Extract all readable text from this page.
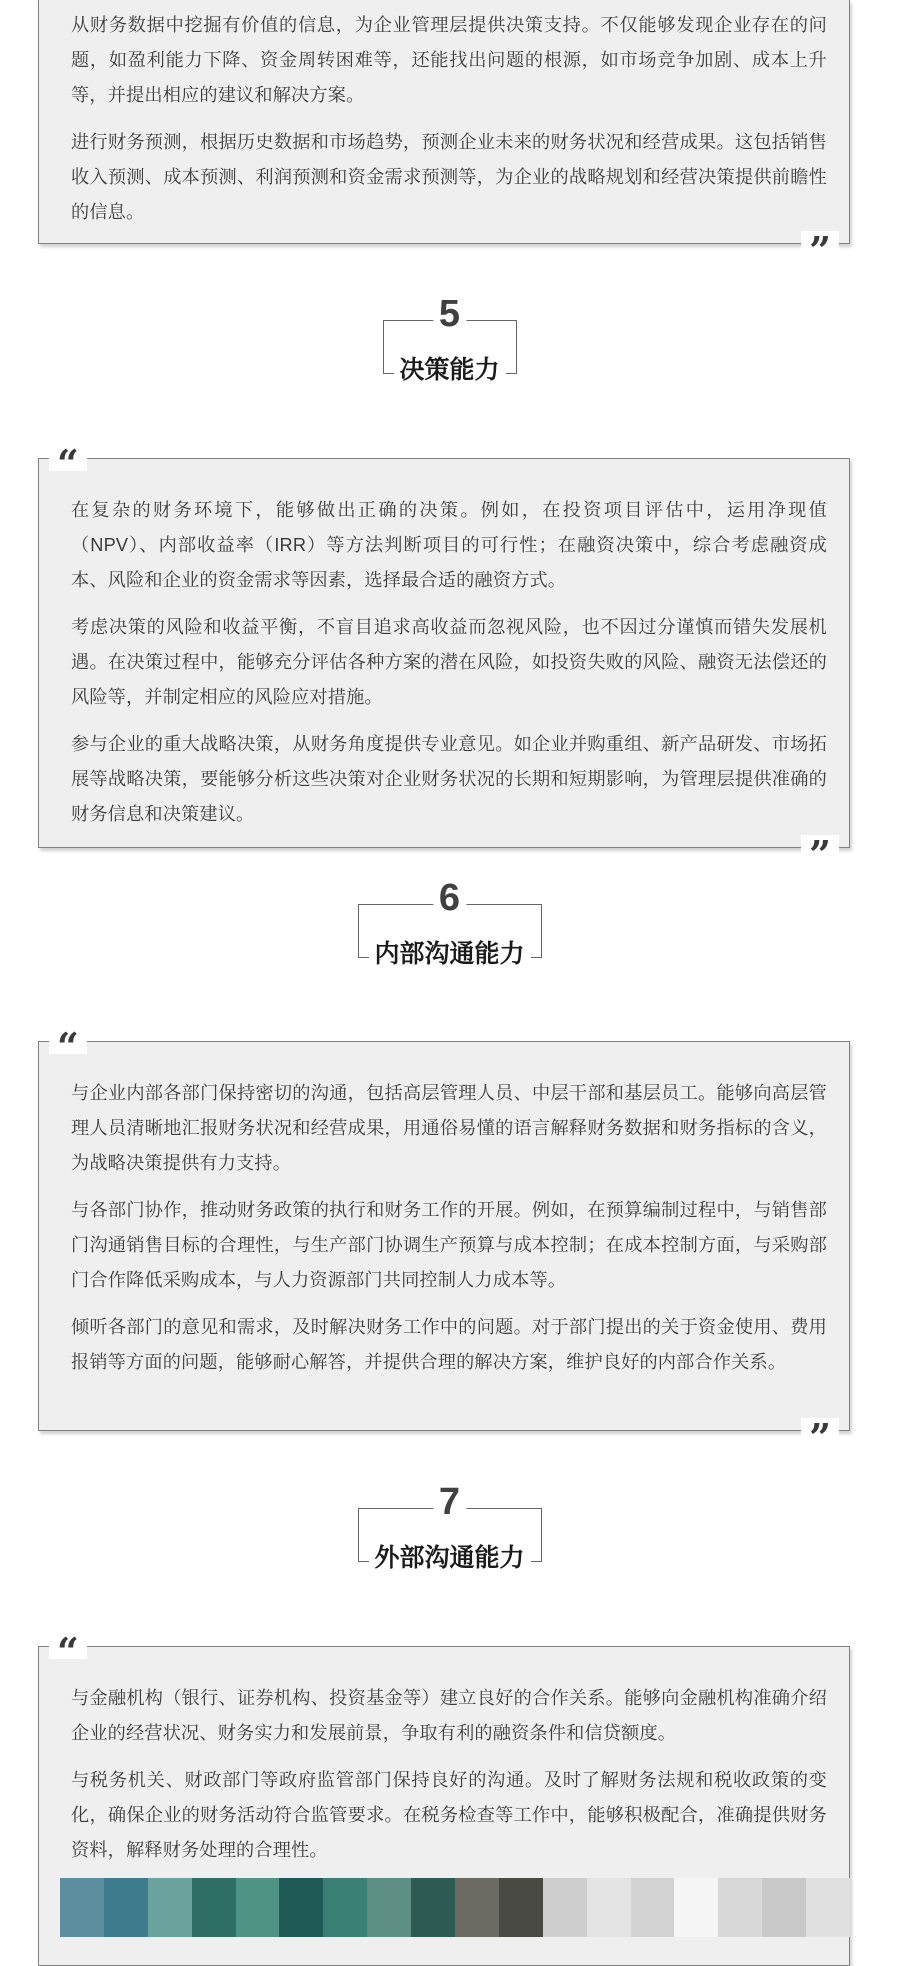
从财务数据中挖掘有价值的信息，为企业管理层提供决策支持。不仅能够发现企业存在的问题，如盈利能力下降、资金周转困难等，还能找出问题的根源，如市场竞争加剧、成本上升等，并提出相应的建议和解决方案。

进行财务预测，根据历史数据和市场趋势，预测企业未来的财务状况和经营成果。这包括销售收入预测、成本预测、利润预测和资金需求预测等，为企业的战略规划和经营决策提供前瞻性的信息。

”
5
决策能力
“

在复杂的财务环境下，能够做出正确的决策。例如，在投资项目评估中，运用净现值（NPV）、内部收益率（IRR）等方法判断项目的可行性；在融资决策中，综合考虑融资成本、风险和企业的资金需求等因素，选择最合适的融资方式。

考虑决策的风险和收益平衡，不盲目追求高收益而忽视风险，也不因过分谨慎而错失发展机遇。在决策过程中，能够充分评估各种方案的潜在风险，如投资失败的风险、融资无法偿还的风险等，并制定相应的风险应对措施。

参与企业的重大战略决策，从财务角度提供专业意见。如企业并购重组、新产品研发、市场拓展等战略决策，要能够分析这些决策对企业财务状况的长期和短期影响，为管理层提供准确的财务信息和决策建议。

”
6
内部沟通能力
“

与企业内部各部门保持密切的沟通，包括高层管理人员、中层干部和基层员工。能够向高层管理人员清晰地汇报财务状况和经营成果，用通俗易懂的语言解释财务数据和财务指标的含义，为战略决策提供有力支持。

与各部门协作，推动财务政策的执行和财务工作的开展。例如，在预算编制过程中，与销售部门沟通销售目标的合理性，与生产部门协调生产预算与成本控制；在成本控制方面，与采购部门合作降低采购成本，与人力资源部门共同控制人力成本等。

倾听各部门的意见和需求，及时解决财务工作中的问题。对于部门提出的关于资金使用、费用报销等方面的问题，能够耐心解答，并提供合理的解决方案，维护良好的内部合作关系。

”
7
外部沟通能力
“

与金融机构（银行、证券机构、投资基金等）建立良好的合作关系。能够向金融机构准确介绍企业的经营状况、财务实力和发展前景，争取有利的融资条件和信贷额度。

与税务机关、财政部门等政府监管部门保持良好的沟通。及时了解财务法规和税收政策的变化，确保企业的财务活动符合监管要求。在税务检查等工作中，能够积极配合，准确提供财务资料，解释财务处理的合理性。
